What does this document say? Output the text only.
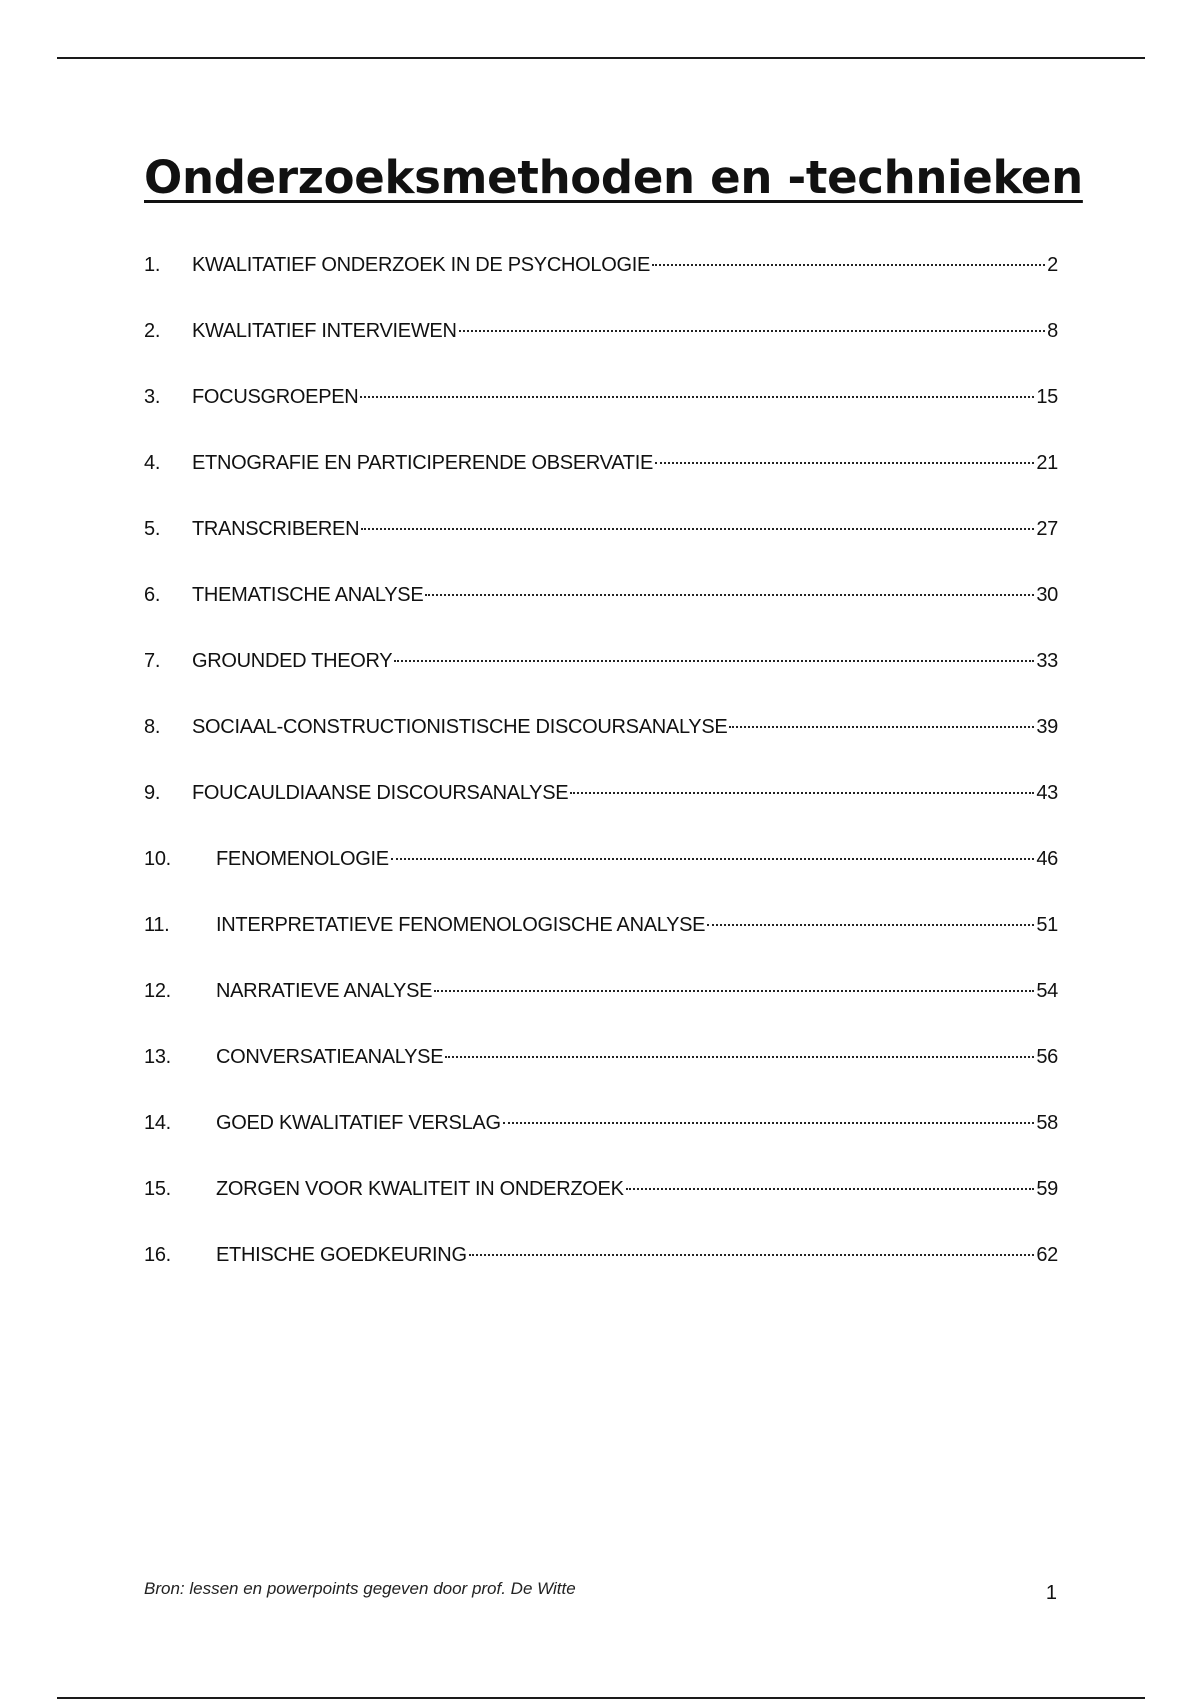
Onderzoeksmethoden en -technieken
1.	KWALITATIEF ONDERZOEK IN DE PSYCHOLOGIE	2
2.	KWALITATIEF INTERVIEWEN	8
3.	FOCUSGROEPEN	15
4.	ETNOGRAFIE EN PARTICIPERENDE OBSERVATIE	21
5.	TRANSCRIBEREN	27
6.	THEMATISCHE ANALYSE	30
7.	GROUNDED THEORY	33
8.	SOCIAAL-CONSTRUCTIONISTISCHE DISCOURSANALYSE	39
9.	FOUCAULDIAANSE DISCOURSANALYSE	43
10.	FENOMENOLOGIE	46
11.	INTERPRETATIEVE FENOMENOLOGISCHE ANALYSE	51
12.	NARRATIEVE ANALYSE	54
13.	CONVERSATIEANALYSE	56
14.	GOED KWALITATIEF VERSLAG	58
15.	ZORGEN VOOR KWALITEIT IN ONDERZOEK	59
16.	ETHISCHE GOEDKEURING	62
Bron: lessen en powerpoints gegeven door prof. De Witte	1
